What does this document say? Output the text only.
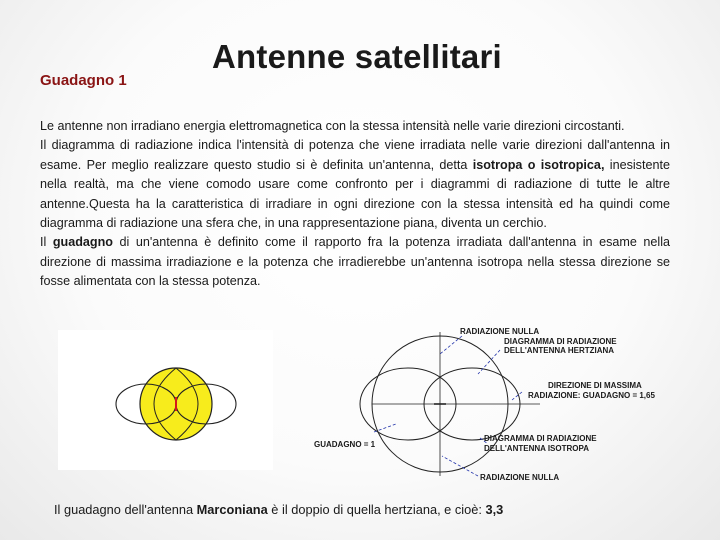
Guadagno 1
Antenne satellitari

Le antenne non irradiano energia elettromagnetica con la stessa intensità nelle varie direzioni circostanti.

Il diagramma di radiazione indica l'intensità di potenza che viene irradiata nelle varie direzioni dall'antenna in esame. Per meglio realizzare questo studio si è definita un'antenna, detta isotropa o isotropica, inesistente nella realtà, ma che viene comodo usare come confronto per i diagrammi di radiazione di tutte le altre antenne.Questa ha la caratteristica di irradiare in ogni direzione con la stessa intensità ed ha quindi come diagramma di radiazione una sfera che, in una rappresentazione piana, diventa un cerchio.

Il guadagno di un'antenna è definito come il rapporto fra la potenza irradiata dall'antenna in esame nella direzione di massima irradiazione e la potenza che irradierebbe un'antenna isotropa nella stessa direzione se fosse alimentata con la stessa potenza.

RADIAZIONE NULLA
DIAGRAMMA DI RADIAZIONE
DELL'ANTENNA HERTZIANA
DIREZIONE DI MASSIMA
RADIAZIONE: GUADAGNO = 1,65
GUADAGNO = 1
DIAGRAMMA DI RADIAZIONE
DELL'ANTENNA ISOTROPA
RADIAZIONE NULLA
Il guadagno dell'antenna Marconiana è il doppio di quella hertziana, e cioè: 3,3
